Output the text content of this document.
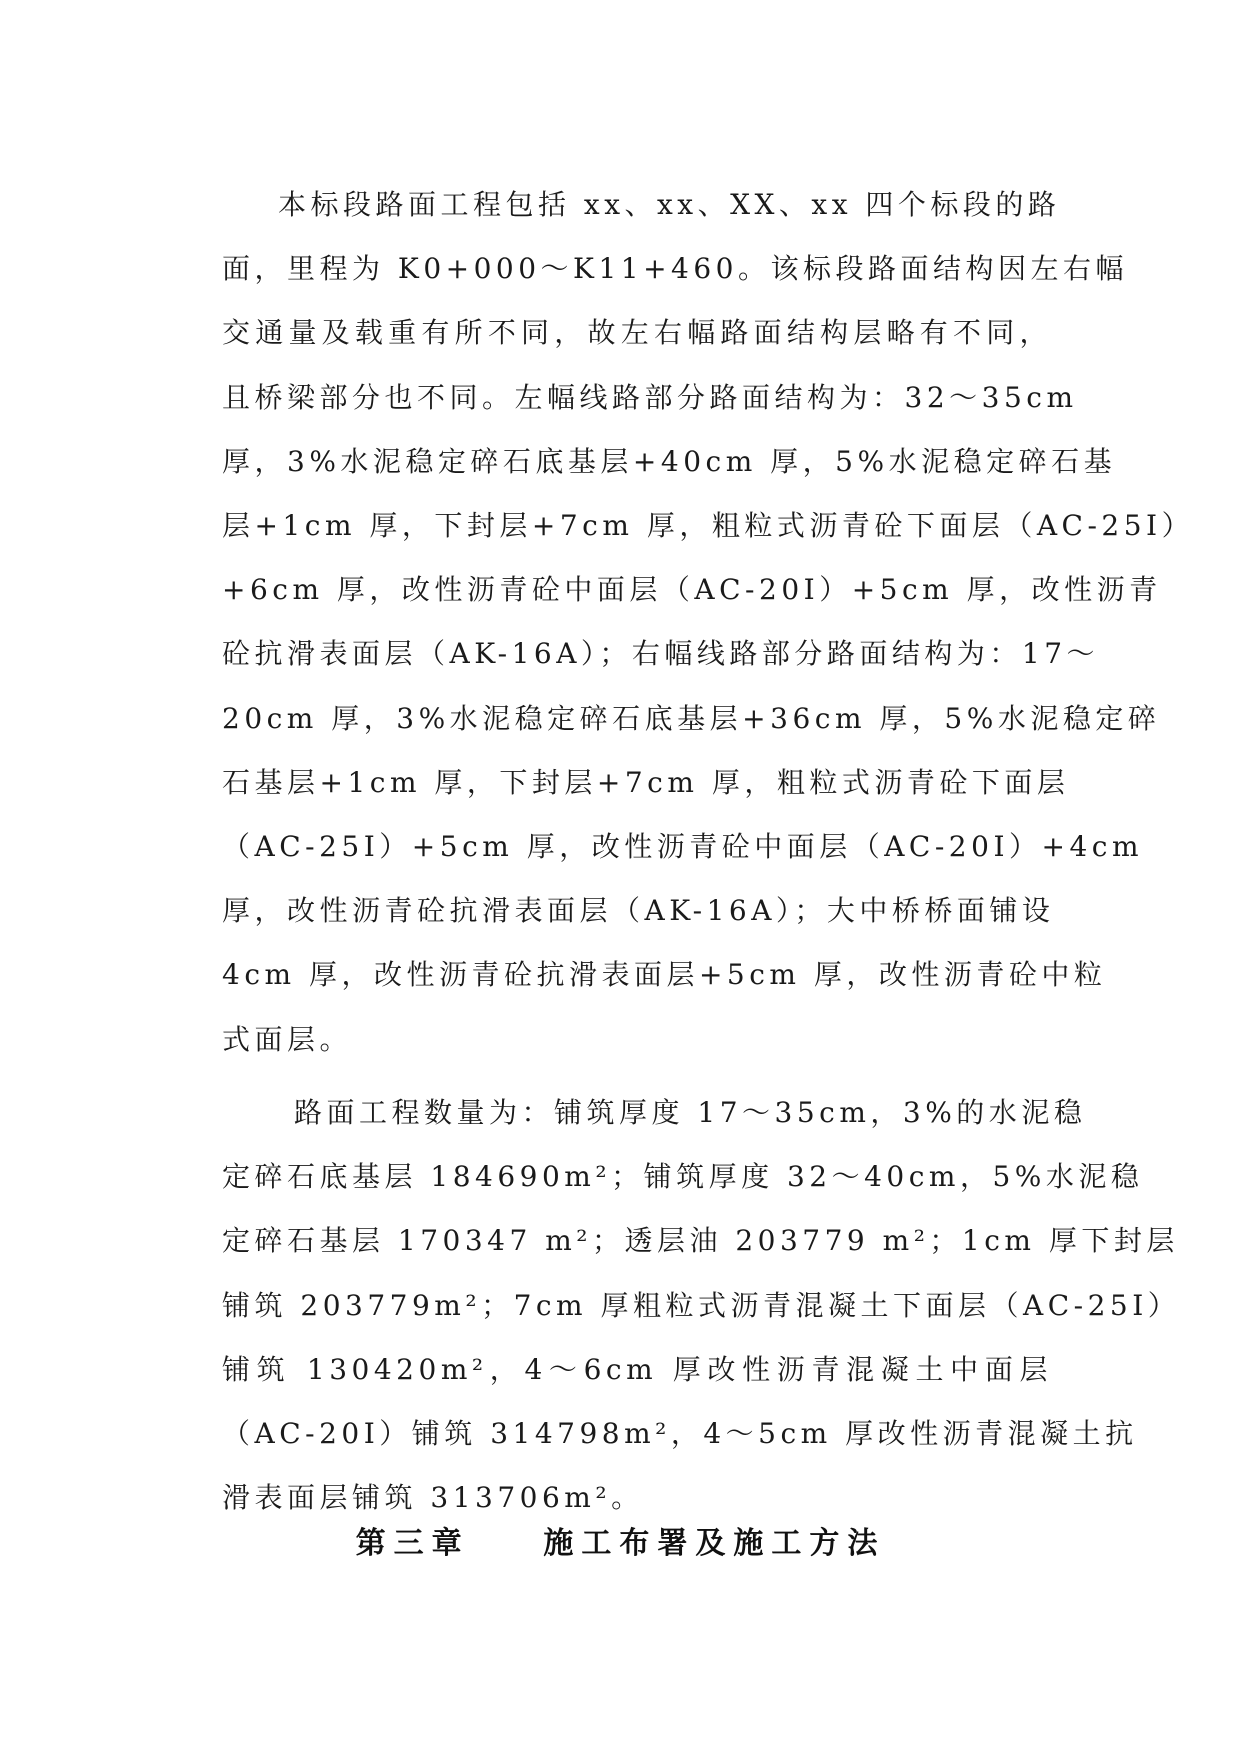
本标段路面工程包括 xx、xx、XX、xx 四个标段的路
面，里程为 K0+000～K11+460。该标段路面结构因左右幅
交通量及载重有所不同，故左右幅路面结构层略有不同，
且桥梁部分也不同。左幅线路部分路面结构为：32～35cm
厚，3%水泥稳定碎石底基层+40cm 厚，5%水泥稳定碎石基
层+1cm 厚，下封层+7cm 厚，粗粒式沥青砼下面层（AC-25I）
+6cm 厚，改性沥青砼中面层（AC-20I）+5cm 厚，改性沥青
砼抗滑表面层（AK-16A）；右幅线路部分路面结构为：17～
20cm 厚，3%水泥稳定碎石底基层+36cm 厚，5%水泥稳定碎
石基层+1cm 厚，下封层+7cm 厚，粗粒式沥青砼下面层
（AC-25I）+5cm 厚，改性沥青砼中面层（AC-20I）+4cm
厚，改性沥青砼抗滑表面层（AK-16A）；大中桥桥面铺设
4cm 厚，改性沥青砼抗滑表面层+5cm 厚，改性沥青砼中粒
式面层。
路面工程数量为：铺筑厚度 17～35cm，3%的水泥稳
定碎石底基层 184690m²；铺筑厚度 32～40cm，5%水泥稳
定碎石基层 170347 m²；透层油 203779 m²；1cm 厚下封层
铺筑 203779m²；7cm 厚粗粒式沥青混凝土下面层（AC-25I）
铺筑 130420m²，4～6cm 厚改性沥青混凝土中面层
（AC-20I）铺筑 314798m²，4～5cm 厚改性沥青混凝土抗
滑表面层铺筑 313706m²。
第三章    施工布署及施工方法
